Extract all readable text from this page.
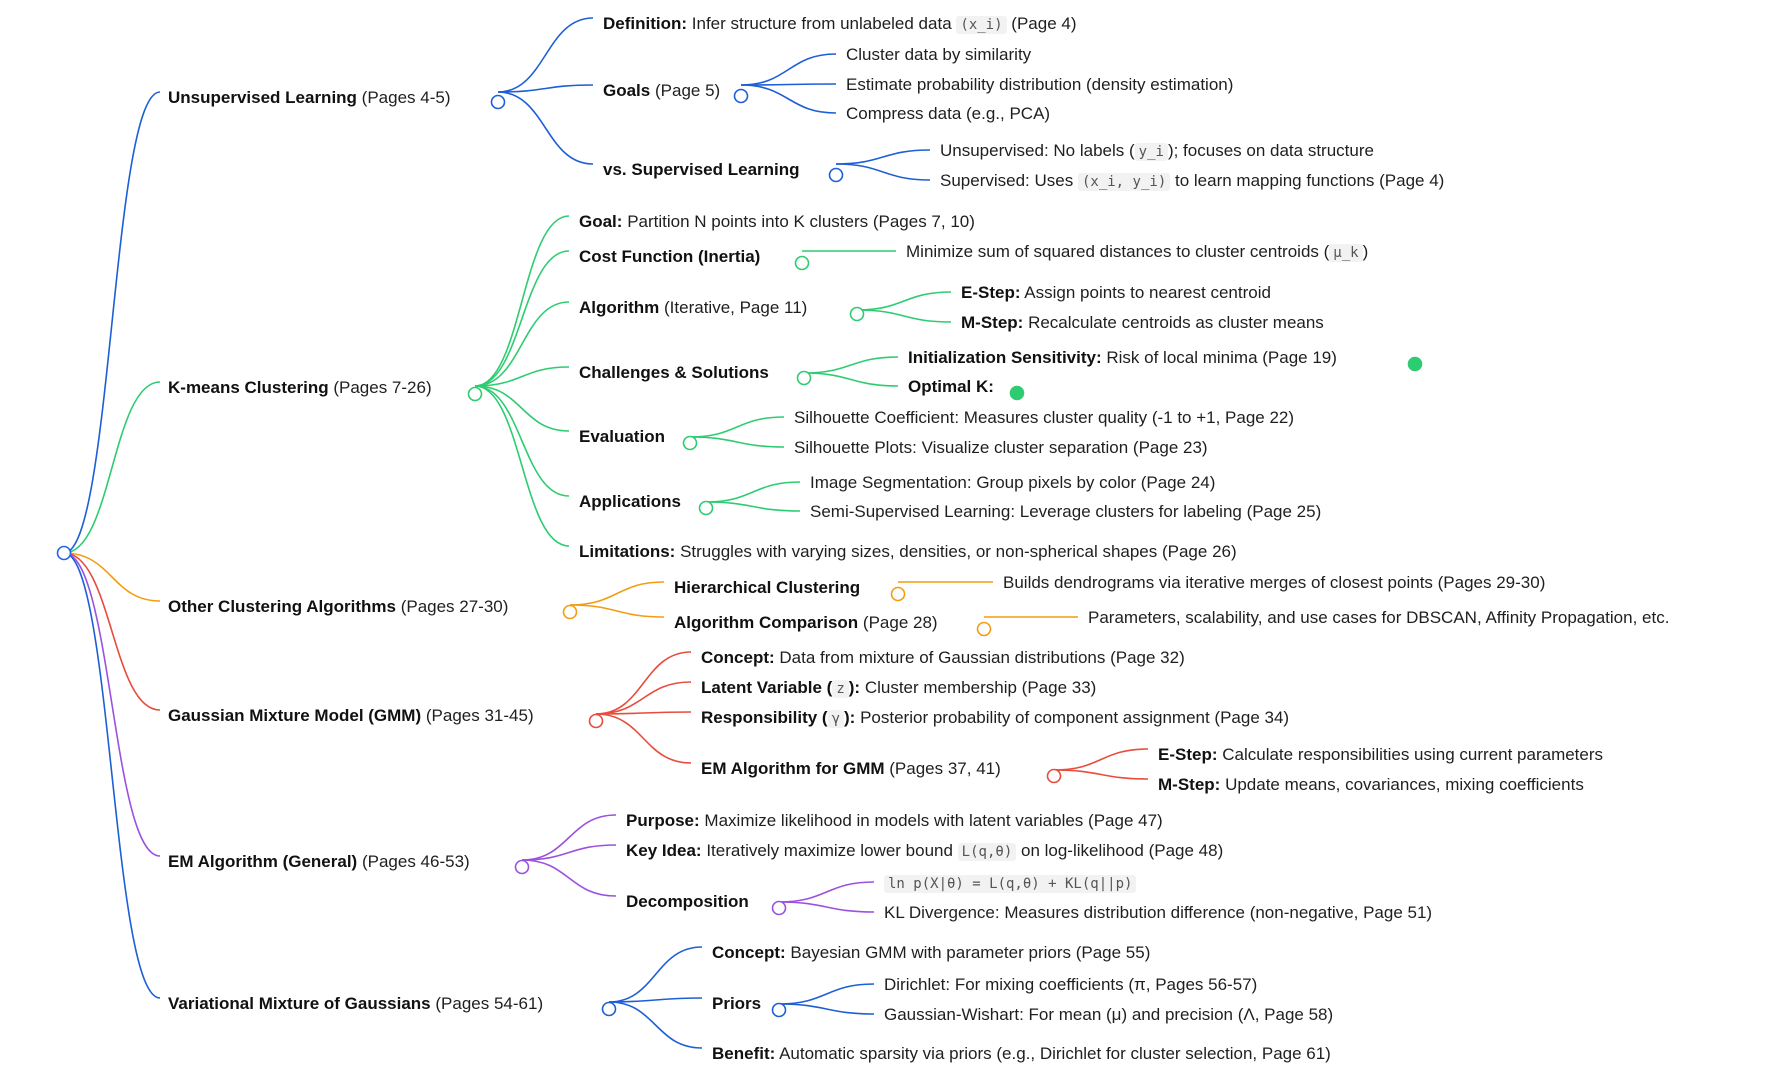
Unsupervised Learning (Pages 4-5)
Definition: Infer structure from unlabeled data (x_i) (Page 4)
Goals (Page 5)
Cluster data by similarity
Estimate probability distribution (density estimation)
Compress data (e.g., PCA)
vs. Supervised Learning
Unsupervised: No labels ( y_i ); focuses on data structure
Supervised: Uses (x_i, y_i) to learn mapping functions (Page 4)
K-means Clustering (Pages 7-26)
Goal: Partition N points into K clusters (Pages 7, 10)
Cost Function (Inertia)	Minimize sum of squared distances to cluster centroids ( μ_k )
Algorithm (Iterative, Page 11)
E-Step: Assign points to nearest centroid
M-Step: Recalculate centroids as cluster means
Challenges & Solutions
Initialization Sensitivity: Risk of local minima (Page 19)
Optimal K:
Evaluation
Silhouette Coefficient: Measures cluster quality (-1 to +1, Page 22)
Silhouette Plots: Visualize cluster separation (Page 23)
Applications
Image Segmentation: Group pixels by color (Page 24)
Semi-Supervised Learning: Leverage clusters for labeling (Page 25)
Limitations: Struggles with varying sizes, densities, or non-spherical shapes (Page 26)
Other Clustering Algorithms (Pages 27-30)
Hierarchical Clustering	Builds dendrograms via iterative merges of closest points (Pages 29-30)
Algorithm Comparison (Page 28)	Parameters, scalability, and use cases for DBSCAN, Affinity Propagation, etc.
Gaussian Mixture Model (GMM) (Pages 31-45)
Concept: Data from mixture of Gaussian distributions (Page 32)
Latent Variable ( z ): Cluster membership (Page 33)
Responsibility ( γ ): Posterior probability of component assignment (Page 34)
EM Algorithm for GMM (Pages 37, 41)
E-Step: Calculate responsibilities using current parameters
M-Step: Update means, covariances, mixing coefficients
EM Algorithm (General) (Pages 46-53)
Purpose: Maximize likelihood in models with latent variables (Page 47)
Key Idea: Iteratively maximize lower bound L(q,θ) on log-likelihood (Page 48)
Decomposition
ln p(X|θ) = L(q,θ) + KL(q||p)
KL Divergence: Measures distribution difference (non-negative, Page 51)
Variational Mixture of Gaussians (Pages 54-61)
Concept: Bayesian GMM with parameter priors (Page 55)
Priors
Dirichlet: For mixing coefficients (π, Pages 56-57)
Gaussian-Wishart: For mean (μ) and precision (Λ, Page 58)
Benefit: Automatic sparsity via priors (e.g., Dirichlet for cluster selection, Page 61)
